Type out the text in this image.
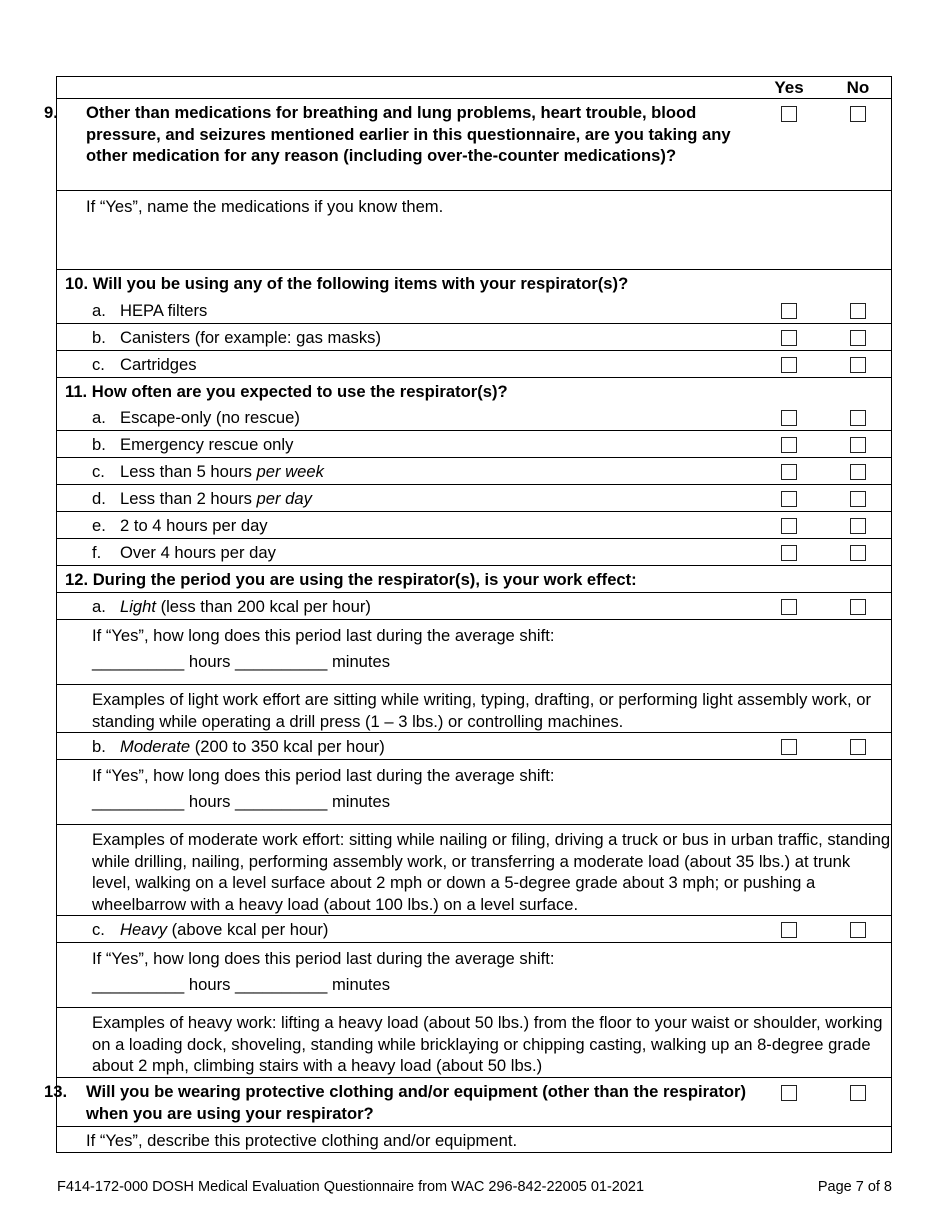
Yes	No
9. Other than medications for breathing and lung problems, heart trouble, blood pressure, and seizures mentioned earlier in this questionnaire, are you taking any other medication for any reason (including over-the-counter medications)?
If “Yes”, name the medications if you know them.
10. Will you be using any of the following items with your respirator(s)?
a. HEPA filters
b. Canisters (for example: gas masks)
c. Cartridges
11. How often are you expected to use the respirator(s)?
a. Escape-only (no rescue)
b. Emergency rescue only
c. Less than 5 hours per week
d. Less than 2 hours per day
e. 2 to 4 hours per day
f. Over 4 hours per day
12. During the period you are using the respirator(s), is your work effect:
a. Light (less than 200 kcal per hour)
If “Yes”, how long does this period last during the average shift:
__________ hours __________ minutes
Examples of light work effort are sitting while writing, typing, drafting, or performing light assembly work, or standing while operating a drill press (1 – 3 lbs.) or controlling machines.
b. Moderate (200 to 350 kcal per hour)
If “Yes”, how long does this period last during the average shift:
__________ hours __________ minutes
Examples of moderate work effort: sitting while nailing or filing, driving a truck or bus in urban traffic, standing while drilling, nailing, performing assembly work, or transferring a moderate load (about 35 lbs.) at trunk level, walking on a level surface about 2 mph or down a 5-degree grade about 3 mph; or pushing a wheelbarrow with a heavy load (about 100 lbs.) on a level surface.
c. Heavy (above kcal per hour)
If “Yes”, how long does this period last during the average shift:
__________ hours __________ minutes
Examples of heavy work: lifting a heavy load (about 50 lbs.) from the floor to your waist or shoulder, working on a loading dock, shoveling, standing while bricklaying or chipping casting, walking up an 8-degree grade about 2 mph, climbing stairs with a heavy load (about 50 lbs.)
13. Will you be wearing protective clothing and/or equipment (other than the respirator) when you are using your respirator?
If “Yes”, describe this protective clothing and/or equipment.
F414-172-000 DOSH Medical Evaluation Questionnaire from WAC 296-842-22005 01-2021	Page 7 of 8
